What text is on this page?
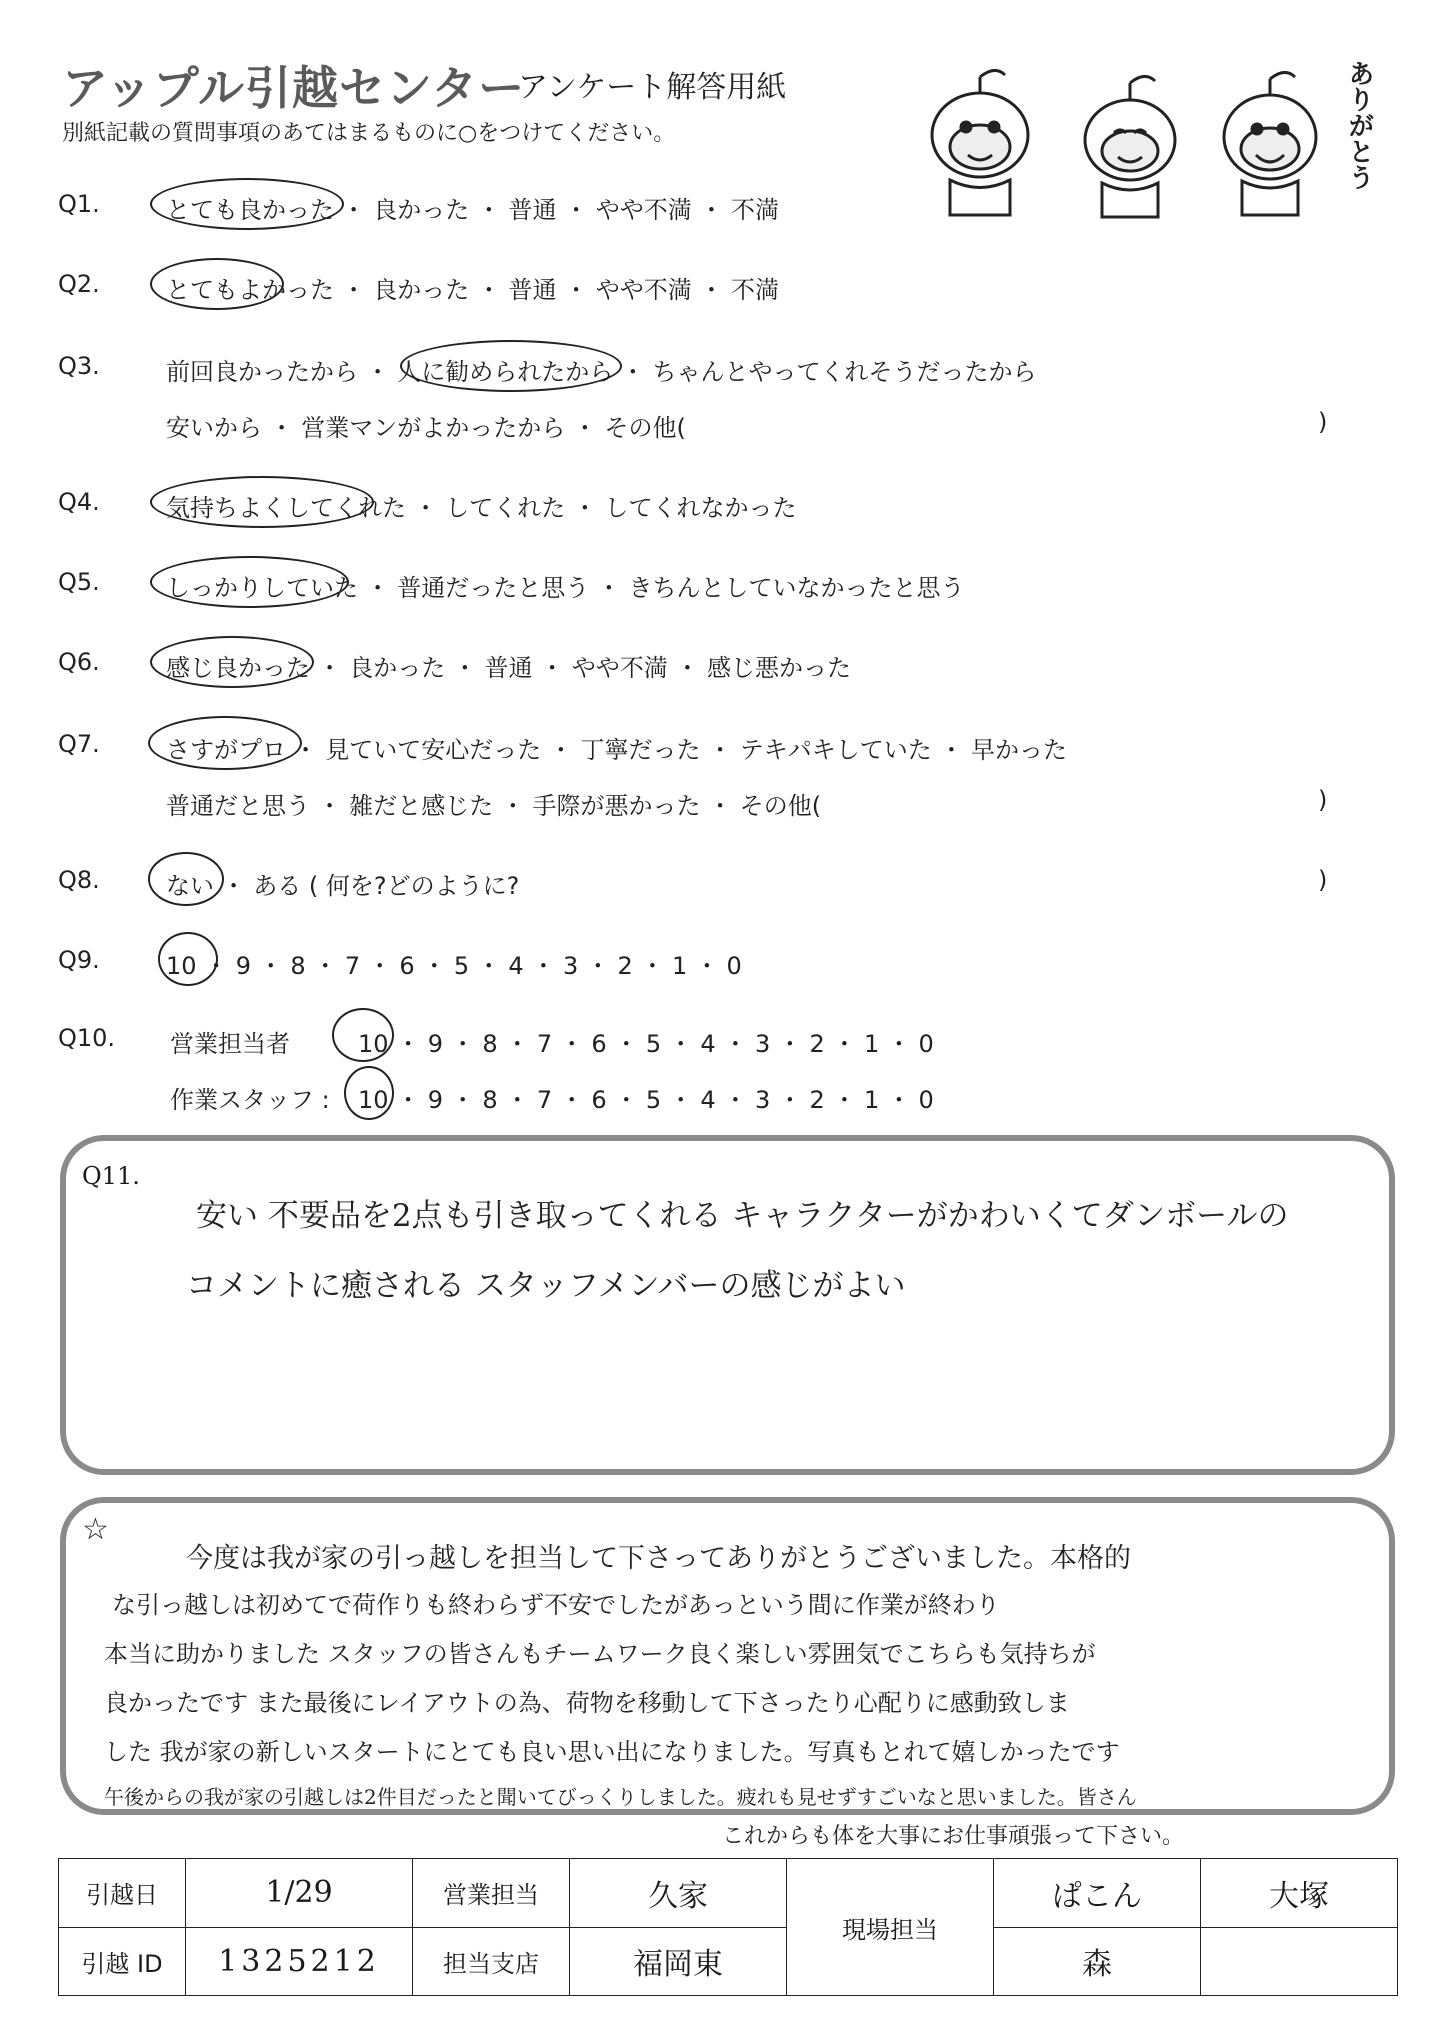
アップル引越センター
アンケート解答用紙
別紙記載の質問事項のあてはまるものに○をつけてください。	ありがとう
Q1.	とても良かった ・ 良かった ・ 普通 ・ やや不満 ・ 不満
Q2.	とてもよかった ・ 良かった ・ 普通 ・ やや不満 ・ 不満
Q3.	前回良かったから ・ 人に勧められたから ・ ちゃんとやってくれそうだったから
安いから ・ 営業マンがよかったから ・ その他(	)
Q4.	気持ちよくしてくれた ・ してくれた ・ してくれなかった
Q5.	しっかりしていた ・ 普通だったと思う ・ きちんとしていなかったと思う
Q6.	感じ良かった ・ 良かった ・ 普通 ・ やや不満 ・ 感じ悪かった
Q7.	さすがプロ ・ 見ていて安心だった ・ 丁寧だった ・ テキパキしていた ・ 早かった
普通だと思う ・ 雑だと感じた ・ 手際が悪かった ・ その他(	)
Q8.	ない ・ ある ( 何を?どのように?	)
Q9.	10 ・ 9 ・ 8 ・ 7 ・ 6 ・ 5 ・ 4 ・ 3 ・ 2 ・ 1 ・ 0
Q10. 営業担当者	10 ・ 9 ・ 8 ・ 7 ・ 6 ・ 5 ・ 4 ・ 3 ・ 2 ・ 1 ・ 0
作業スタッフ : 10 ・ 9 ・ 8 ・ 7 ・ 6 ・ 5 ・ 4 ・ 3 ・ 2 ・ 1 ・ 0
Q11.
安い 不要品を2点も引き取ってくれる キャラクターがかわいくてダンボールの
コメントに癒される スタッフメンバーの感じがよい
☆
今度は我が家の引っ越しを担当して下さってありがとうございました。本格的
な引っ越しは初めてで荷作りも終わらず不安でしたがあっという間に作業が終わり
本当に助かりました スタッフの皆さんもチームワーク良く楽しい雰囲気でこちらも気持ちが
良かったです また最後にレイアウトの為、荷物を移動して下さったり心配りに感動致しま
した 我が家の新しいスタートにとても良い思い出になりました。写真もとれて嬉しかったです
午後からの我が家の引越しは2件目だったと聞いてびっくりしました。疲れも見せずすごいなと思いました。皆さん
これからも体を大事にお仕事頑張って下さい。
引越日	1/29	営業担当	久家	現場担当	ぱこん	大塚
引越 ID	1325212	担当支店	福岡東		森	
